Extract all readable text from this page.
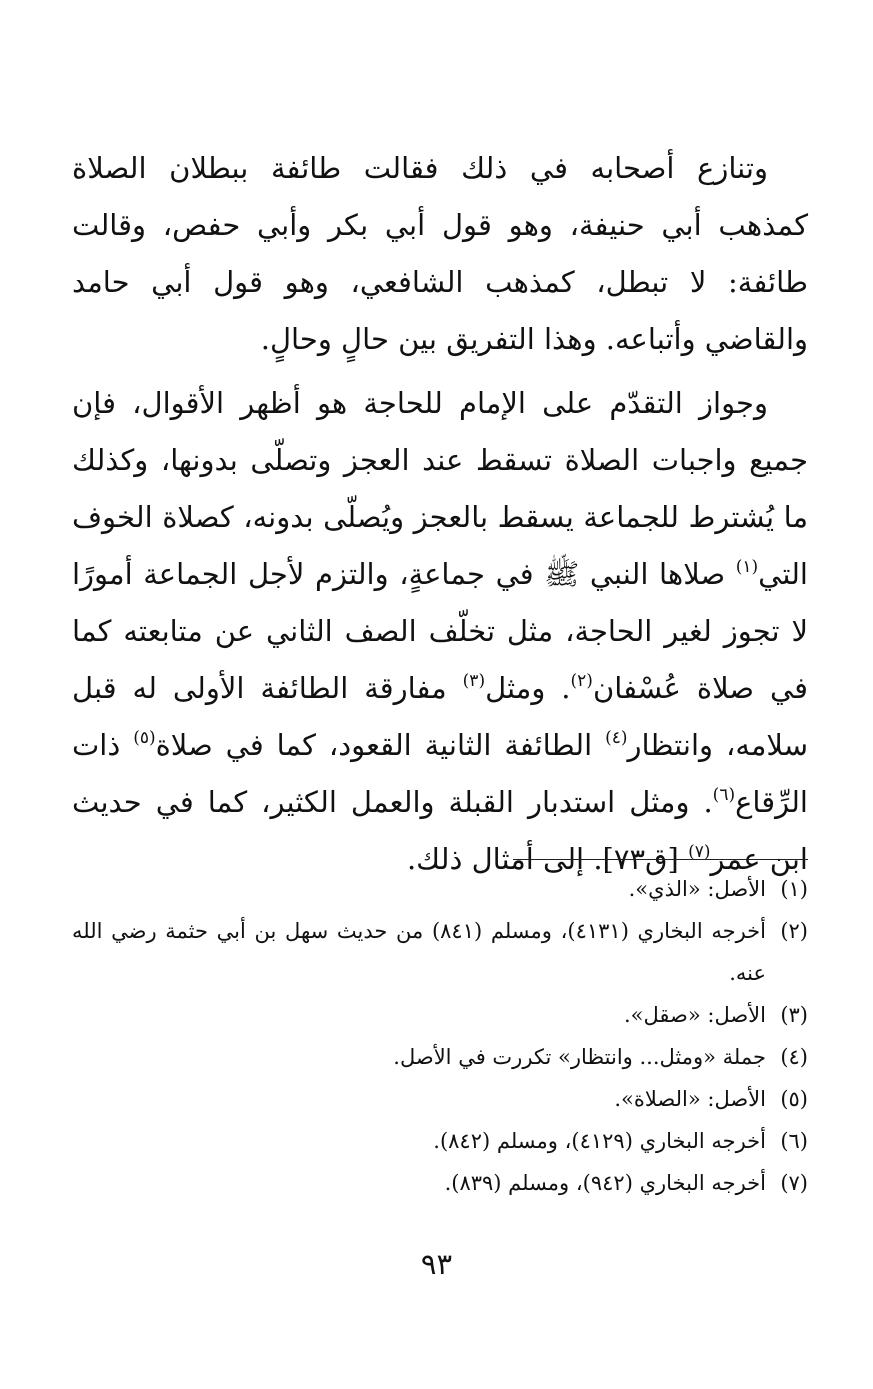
وتنازع أصحابه في ذلك فقالت طائفة ببطلان الصلاة كمذهب أبي حنيفة، وهو قول أبي بكر وأبي حفص، وقالت طائفة: لا تبطل، كمذهب الشافعي، وهو قول أبي حامد والقاضي وأتباعه. وهذا التفريق بين حالٍ وحالٍ.

وجواز التقدّم على الإمام للحاجة هو أظهر الأقوال، فإن جميع واجبات الصلاة تسقط عند العجز وتصلّى بدونها، وكذلك ما يُشترط للجماعة يسقط بالعجز ويُصلّى بدونه، كصلاة الخوف التي$^{(١)}$ صلاها النبي ﷺ في جماعةٍ، والتزم لأجل الجماعة أمورًا لا تجوز لغير الحاجة، مثل تخلّف الصف الثاني عن متابعته كما في صلاة عُسْفان$^{(٢)}$. ومثل$^{(٣)}$ مفارقة الطائفة الأولى له قبل سلامه، وانتظار$^{(٤)}$ الطائفة الثانية القعود، كما في صلاة$^{(٥)}$ ذات الرِّقاع$^{(٦)}$. ومثل استدبار القبلة والعمل الكثير، كما في حديث ابن عمر$^{(٧)}$ [ق٧٣]. إلى أمثال ذلك.

(١)
الأصل: «الذي».
(٢)
أخرجه البخاري (٤١٣١)، ومسلم (٨٤١) من حديث سهل بن أبي حثمة رضي الله عنه.
(٣)
الأصل: «صقل».
(٤)
جملة «ومثل... وانتظار» تكررت في الأصل.
(٥)
الأصل: «الصلاة».
(٦)
أخرجه البخاري (٤١٢٩)، ومسلم (٨٤٢).
(٧)
أخرجه البخاري (٩٤٢)، ومسلم (٨٣٩).
٩٣
